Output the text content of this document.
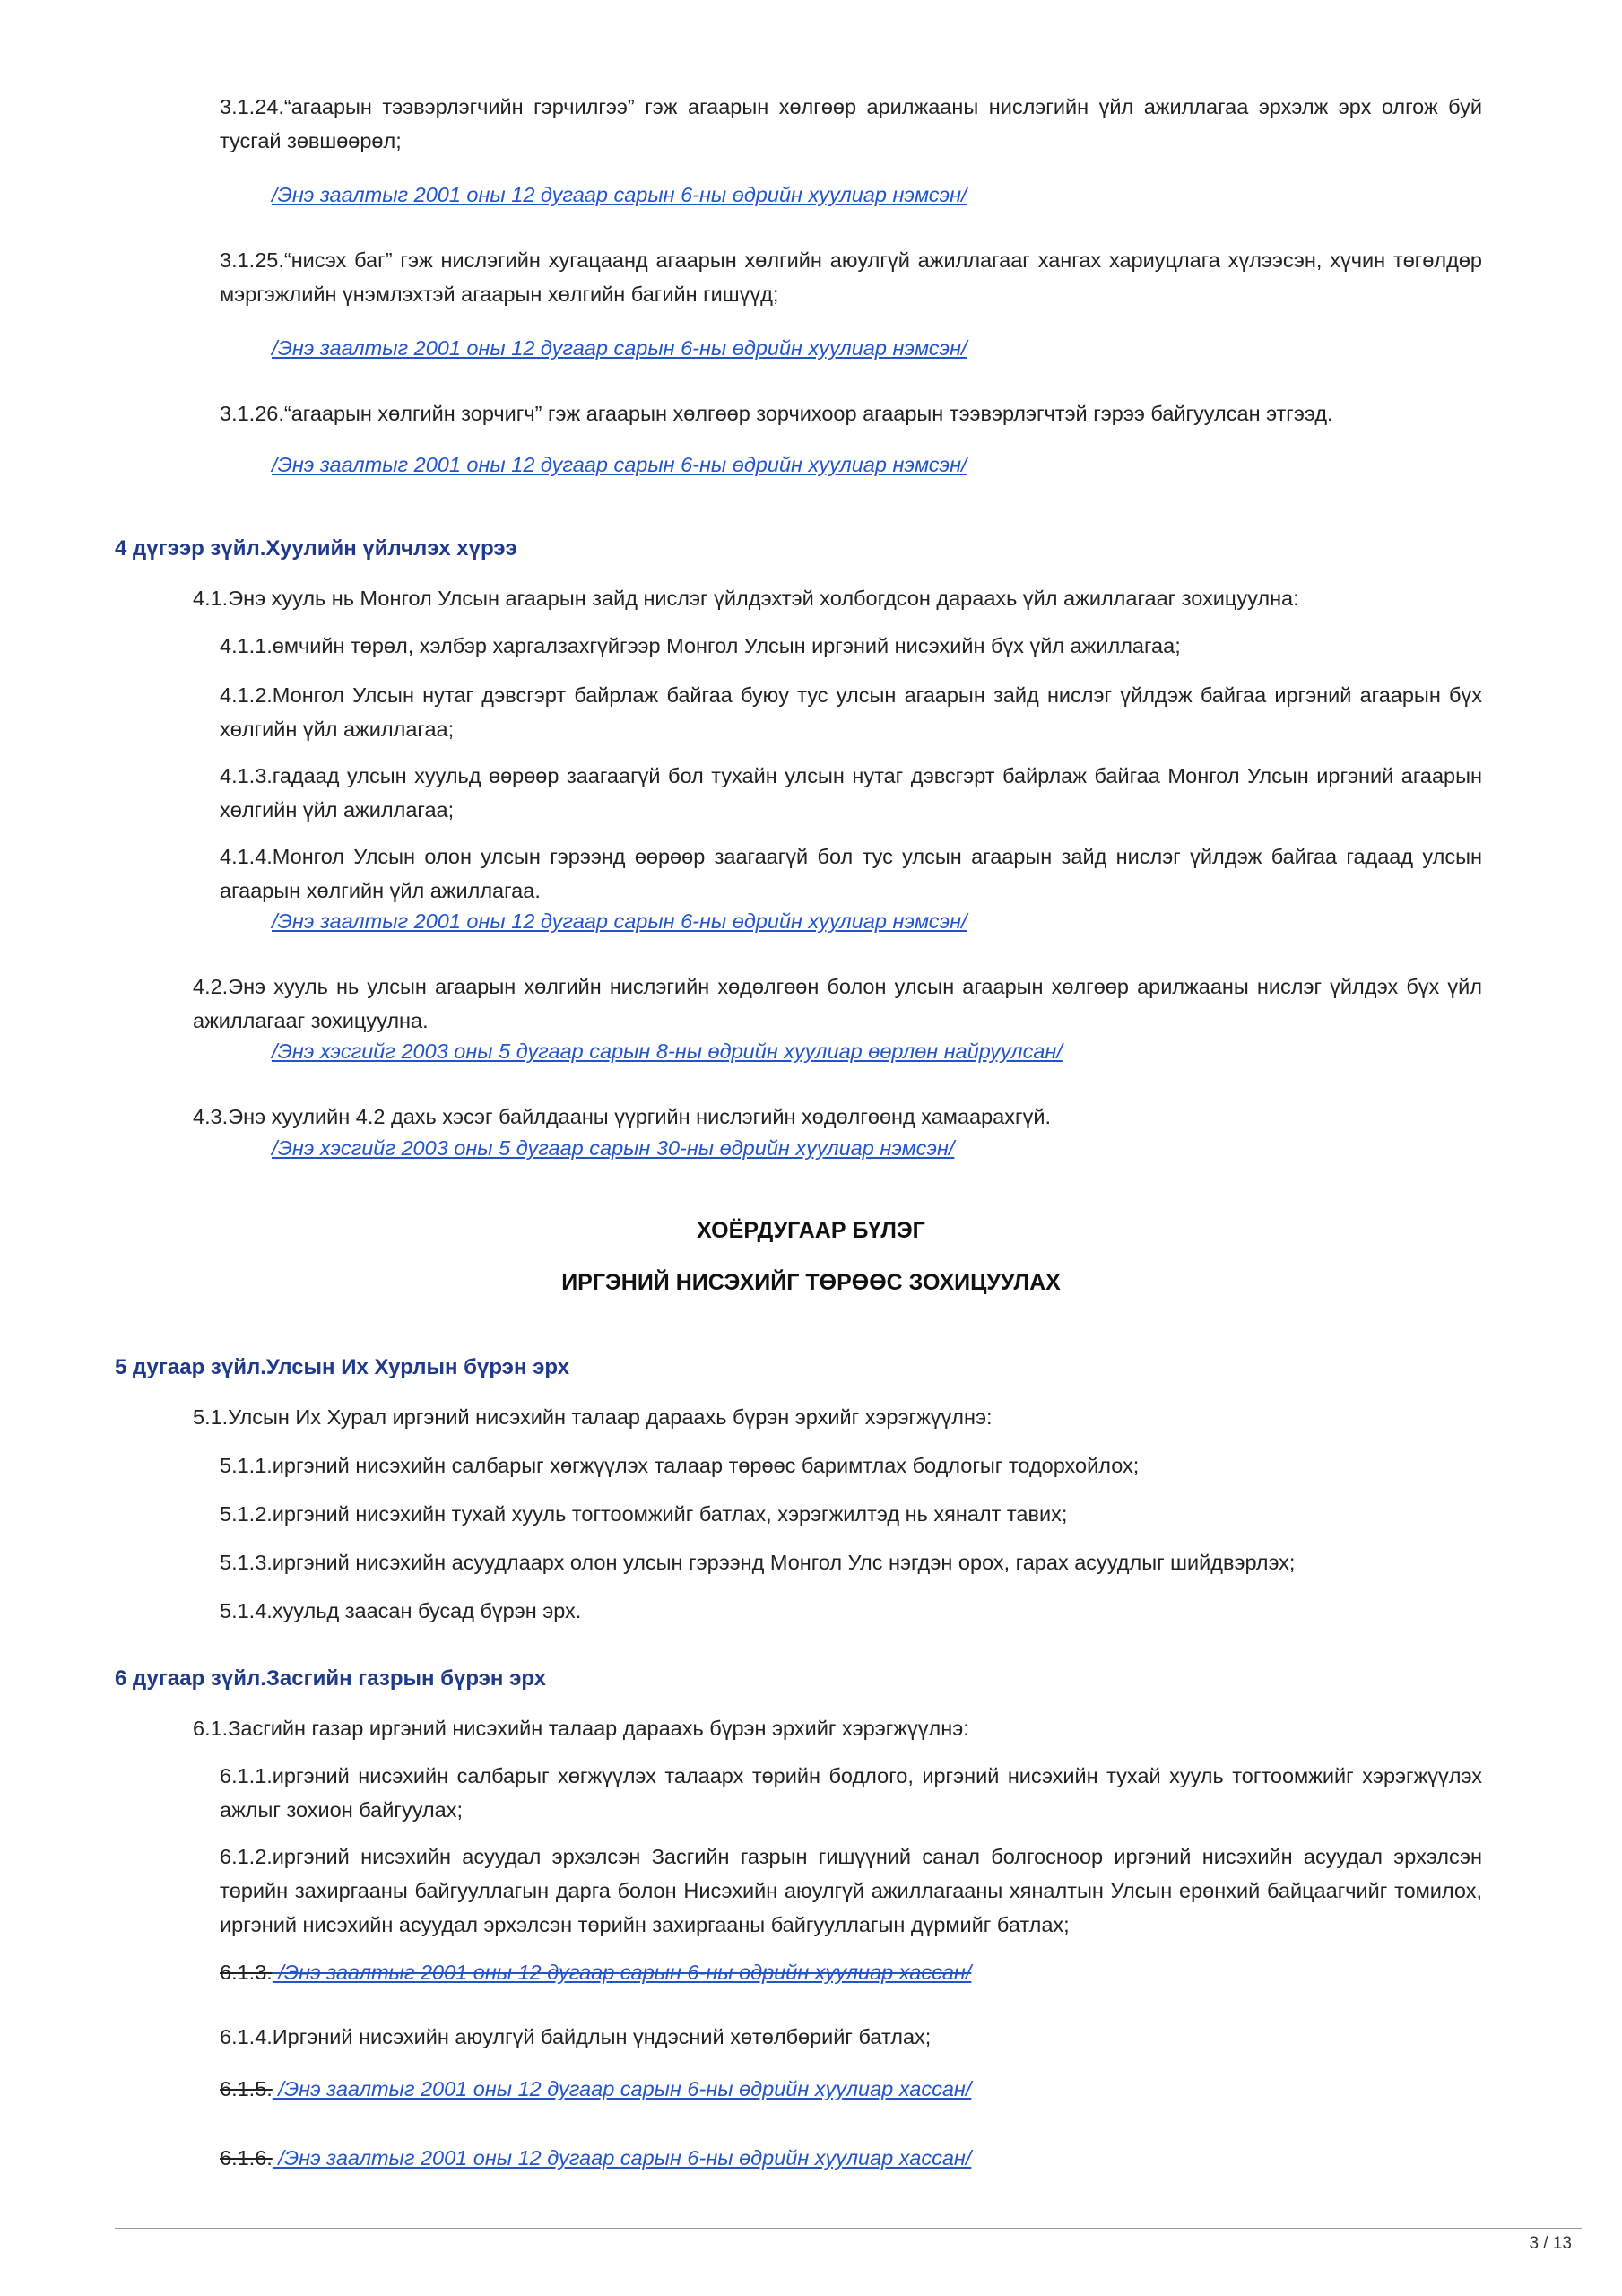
3.1.24.“агаарын тээвэрлэгчийн гэрчилгээ” гэж агаарын хөлгөөр арилжааны нислэгийн үйл ажиллагаа эрхэлж эрх олгож буй тусгай зөвшөөрөл;
/Энэ заалтыг 2001 оны 12 дугаар сарын 6-ны өдрийн хуулиар нэмсэн/
3.1.25.“нисэх баг” гэж нислэгийн хугацаанд агаарын хөлгийн аюулгүй ажиллагааг хангах хариуцлага хүлээсэн, хүчин төгөлдөр мэргэжлийн үнэмлэхтэй агаарын хөлгийн багийн гишүүд;
/Энэ заалтыг 2001 оны 12 дугаар сарын 6-ны өдрийн хуулиар нэмсэн/
3.1.26.“агаарын хөлгийн зорчигч” гэж агаарын хөлгөөр зорчихоор агаарын тээвэрлэгчтэй гэрээ байгуулсан этгээд.
/Энэ заалтыг 2001 оны 12 дугаар сарын 6-ны өдрийн хуулиар нэмсэн/
4 дүгээр зүйл.Хуулийн үйлчлэх хүрээ
4.1.Энэ хууль нь Монгол Улсын агаарын зайд нислэг үйлдэхтэй холбогдсон дараахь үйл ажиллагааг зохицуулна:
4.1.1.өмчийн төрөл, хэлбэр харгалзахгүйгээр Монгол Улсын иргэний нисэхийн бүх үйл ажиллагаа;
4.1.2.Монгол Улсын нутаг дэвсгэрт байрлаж байгаа буюу тус улсын агаарын зайд нислэг үйлдэж байгаа иргэний агаарын бүх хөлгийн үйл ажиллагаа;
4.1.3.гадаад улсын хуульд өөрөөр заагаагүй бол тухайн улсын нутаг дэвсгэрт байрлаж байгаа Монгол Улсын иргэний агаарын хөлгийн үйл ажиллагаа;
4.1.4.Монгол Улсын олон улсын гэрээнд өөрөөр заагаагүй бол тус улсын агаарын зайд нислэг үйлдэж байгаа гадаад улсын агаарын хөлгийн үйл ажиллагаа.
/Энэ заалтыг 2001 оны 12 дугаар сарын 6-ны өдрийн хуулиар нэмсэн/
4.2.Энэ хууль нь улсын агаарын хөлгийн нислэгийн хөдөлгөөн болон улсын агаарын хөлгөөр арилжааны нислэг үйлдэх бүх үйл ажиллагааг зохицуулна.
/Энэ хэсгийг 2003 оны 5 дугаар сарын 8-ны өдрийн хуулиар өөрлөн найруулсан/
4.3.Энэ хуулийн 4.2 дахь хэсэг байлдааны үүргийн нислэгийн хөдөлгөөнд хамаарахгүй.
/Энэ хэсгийг 2003 оны 5 дугаар сарын 30-ны өдрийн хуулиар нэмсэн/
ХОЁРДУГААР БҮЛЭГ
ИРГЭНИЙ НИСЭХИЙГ ТӨРӨӨС ЗОХИЦУУЛАХ
5 дугаар зүйл.Улсын Их Хурлын бүрэн эрх
5.1.Улсын Их Хурал иргэний нисэхийн талаар дараахь бүрэн эрхийг хэрэгжүүлнэ:
5.1.1.иргэний нисэхийн салбарыг хөгжүүлэх талаар төрөөс баримтлах бодлогыг тодорхойлох;
5.1.2.иргэний нисэхийн тухай хууль тогтоомжийг батлах, хэрэгжилтэд нь хяналт тавих;
5.1.3.иргэний нисэхийн асуудлаарх олон улсын гэрээнд Монгол Улс нэгдэн орох, гарах асуудлыг шийдвэрлэх;
5.1.4.хуульд заасан бусад бүрэн эрх.
6 дугаар зүйл.Засгийн газрын бүрэн эрх
6.1.Засгийн газар иргэний нисэхийн талаар дараахь бүрэн эрхийг хэрэгжүүлнэ:
6.1.1.иргэний нисэхийн салбарыг хөгжүүлэх талаарх төрийн бодлого, иргэний нисэхийн тухай хууль тогтоомжийг хэрэгжүүлэх ажлыг зохион байгуулах;
6.1.2.иргэний нисэхийн асуудал эрхэлсэн Засгийн газрын гишүүний санал болгосноор иргэний нисэхийн асуудал эрхэлсэн төрийн захиргааны байгууллагын дарга болон Нисэхийн аюулгүй ажиллагааны хяналтын Улсын ерөнхий байцаагчийг томилох, иргэний нисэхийн асуудал эрхэлсэн төрийн захиргааны байгууллагын дүрмийг батлах;
6.1.3. /Энэ заалтыг 2001 оны 12 дугаар сарын 6-ны өдрийн хуулиар хассан/
6.1.4.Иргэний нисэхийн аюулгүй байдлын үндэсний хөтөлбөрийг батлах;
6.1.5. /Энэ заалтыг 2001 оны 12 дугаар сарын 6-ны өдрийн хуулиар хассан/
6.1.6. /Энэ заалтыг 2001 оны 12 дугаар сарын 6-ны өдрийн хуулиар хассан/
3 / 13
